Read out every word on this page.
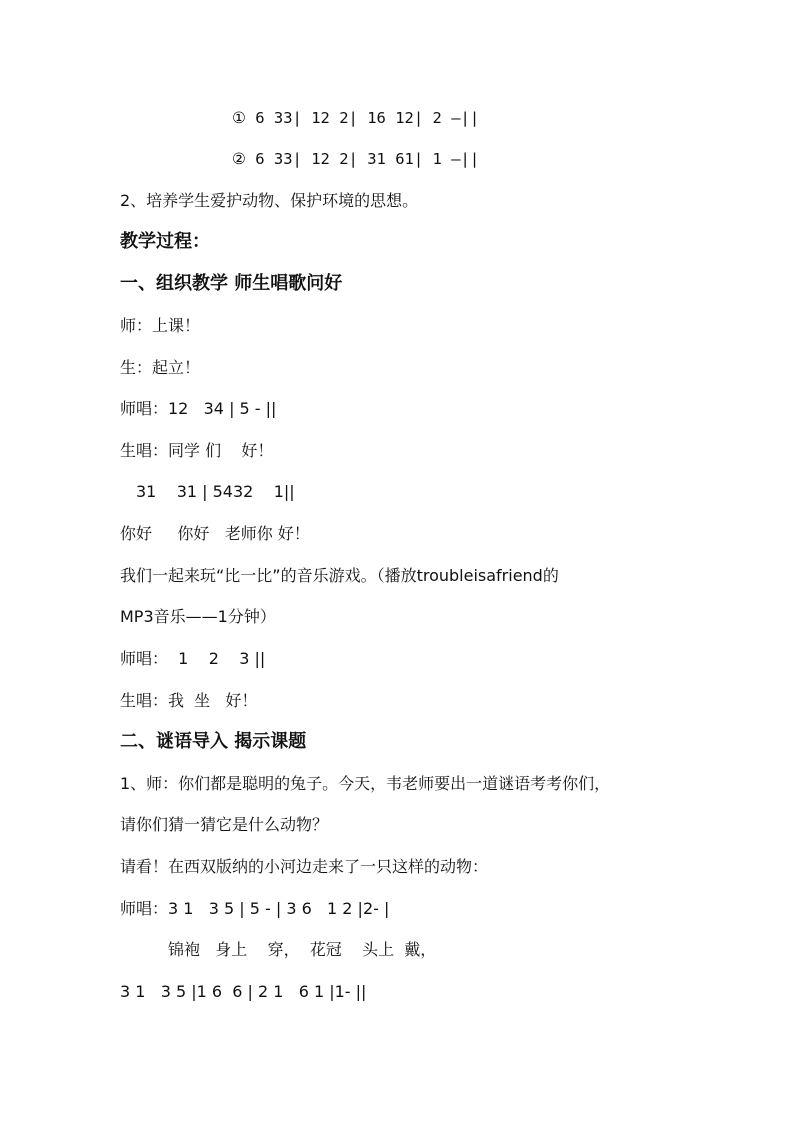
① 6 33| 12 2| 16 12| 2 —||
② 6 33| 12 2| 31 61| 1 —||
2、培养学生爱护动物、保护环境的思想。
教学过程：
一、组织教学 师生唱歌问好
师：上课！
生：起立！
师唱：12   34 | 5 - ||
生唱：同学 们    好！
31    31 | 5432    1||
你好     你好   老师你 好！
我们一起来玩“比一比”的音乐游戏。（播放troubleisafriend的
MP3音乐——1分钟）
师唱：  1    2    3 ||
生唱：我  坐   好！
二、谜语导入 揭示课题
1、师：你们都是聪明的兔子。今天，韦老师要出一道谜语考考你们，
请你们猜一猜它是什么动物？
请看！在西双版纳的小河边走来了一只这样的动物：
师唱：3 1   3 5 | 5 - | 3 6   1 2 |2- |
锦袍   身上    穿，  花冠    头上  戴，
3 1   3 5 |1 6  6 | 2 1   6 1 |1- ||
